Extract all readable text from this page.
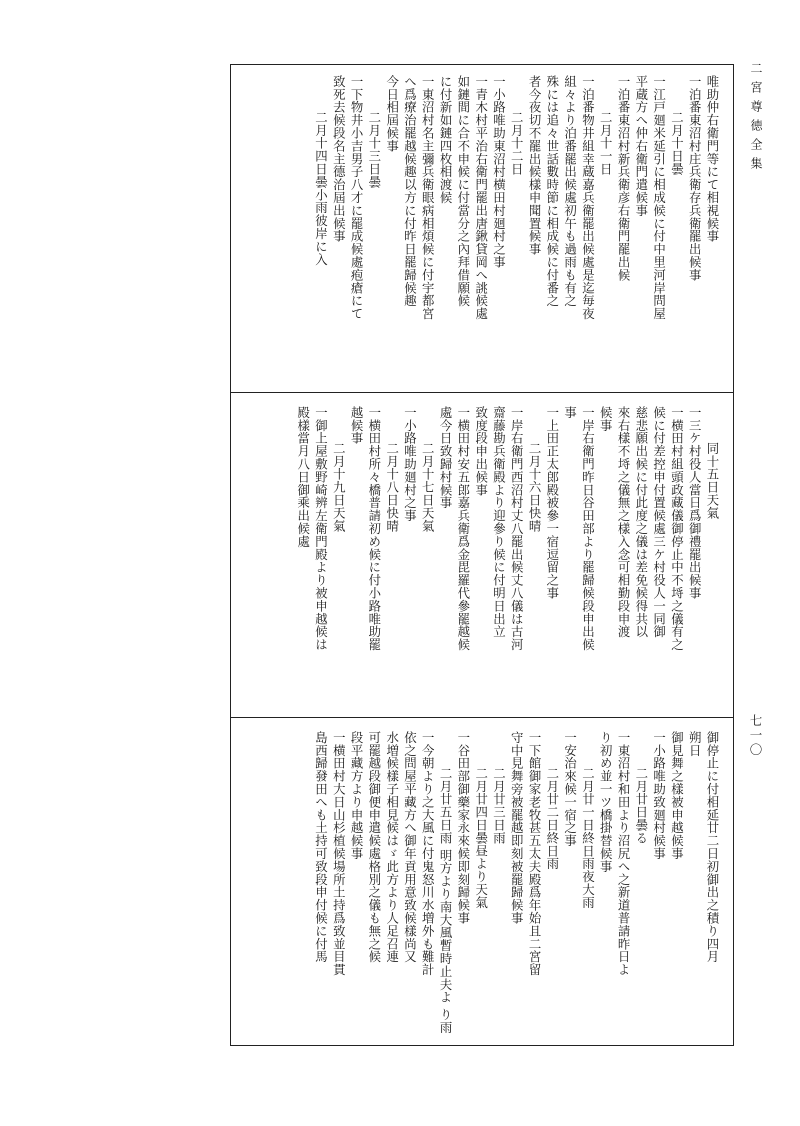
二宮尊徳全集
七一〇
唯助仲右衛門等にて相視候事
一泊番東沼村庄兵衛存兵衛罷出候事
二月十日曇
一江戸廻米延引に相成候に付中里河岸問屋
平蔵方へ仲右衛門遣候事
一泊番東沼村新兵衛彦右衛門罷出候
二月十一日
一泊番物井組幸蔵嘉兵衛罷出候處是迄毎夜
組々より泊番罷出候處初午も過雨も有之
殊には追々世話數時節に相成候に付番之
者今夜切不罷出候樣申聞置候事
二月十二日
一小路唯助東沼村横田村廻村之事
一青木村平治右衛門罷出唐鍬貸岡へ誂候處
如鏈間に合不申候に付當分之內拜借願候
に付新如鏈四枚相渡候
一東沼村名主彌兵衛眼病相煩候に付宇都宮
へ爲療治罷越候趣以方に付昨日罷歸候趣
今日相屆候事
二月十三日曇
一下物井小吉男子八才に罷成候處疱瘡にて
致死去候段名主德治屆出候事
二月十四日曇小雨彼岸に入
同十五日天氣
一三ケ村役人當日爲御禮罷出候事
一横田村組頭政藏儀御停止中不埓之儀有之
候に付差控申付置候處三ケ村役人一同御
慈悲願出候に付此度之儀は差免候得共以
來右樣不埓之儀無之樣入念可相勤段申渡
候事
一岸右衛門昨日谷田部より罷歸候段申出候
事
一上田正太郎殿被參一宿逗留之事
二月十六日快晴
一岸右衛門西沼村丈八罷出候丈八儀は古河
齋藤勘兵衛殿より迎參り候に付明日出立
致度段申出候事
一横田村安五郎嘉兵衛爲金毘羅代參罷越候
處今日致歸村候事
二月十七日天氣
一小路唯助廻村之事
二月十八日快晴
一横田村所々橋普請初め候に付小路唯助罷
越候事
二月十九日天氣
一御上屋敷野崎辨左衛門殿より被申越候は
殿樣當月八日御乘出候處
御停止に付相延廿二日初御出之積り四月
朔日
御見舞之樣被申越候事
一小路唯助致廻村候事
二月廿日曇る
一東沼村和田より沼尻へ之新道普請昨日よ
り初め並一ツ橋掛替候事
二月廿一日終日雨夜大雨
一安治來候一宿之事
二月廿二日終日雨
一下館御家老牧甚五太夫殿爲年始且二宮留
守中見舞旁被罷越即刻被罷歸候事
二月廿三日雨
二月廿四日曇昼より天氣
一谷田部御藥家永來候即刻歸候事
二月廿五日雨 明方より南大風暫時止夫よ り雨
一今朝より之大風に付鬼怒川水増外も難計
依之問屋平藏方へ御年貢用意致候樣尚又
水増候樣子相見候はゞ此方より人足召連
可罷越段御便申遣候處格別之儀も無之候
段平藏方より申越候事
一横田村大日山杉植候場所土持爲致並目貫
島西歸發田へも土持可致段申付候に付馬
